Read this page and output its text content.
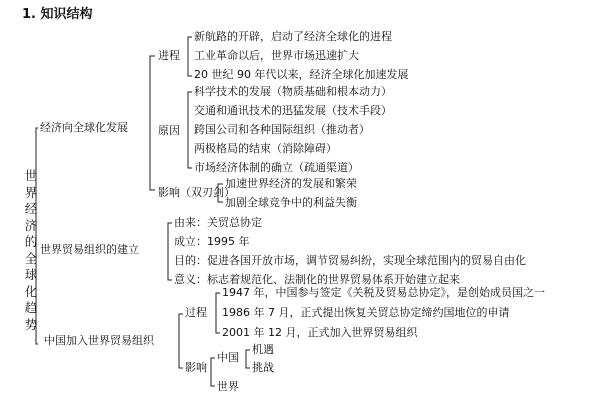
1. 知识结构
世界经济的全球化趋势
经济向全球化发展
进程
新航路的开辟，启动了经济全球化的进程
工业革命以后，世界市场迅速扩大
20 世纪 90 年代以来，经济全球化加速发展
原因
科学技术的发展（物质基础和根本动力）
交通和通讯技术的迅猛发展（技术手段）
跨国公司和各种国际组织（推动者）
两极格局的结束（消除障碍）
市场经济体制的确立（疏通渠道）
影响（双刃剑）
加速世界经济的发展和繁荣
加剧全球竞争中的利益失衡
世界贸易组织的建立
由来：关贸总协定
成立：1995 年
目的：促进各国开放市场，调节贸易纠纷，实现全球范围内的贸易自由化
意义：标志着规范化、法制化的世界贸易体系开始建立起来
中国加入世界贸易组织
过程
1947 年，中国参与签定《关税及贸易总协定》，是创始成员国之一
1986 年 7 月，正式提出恢复关贸总协定缔约国地位的申请
2001 年 12 月，正式加入世界贸易组织
影响
中国
机遇
挑战
世界
